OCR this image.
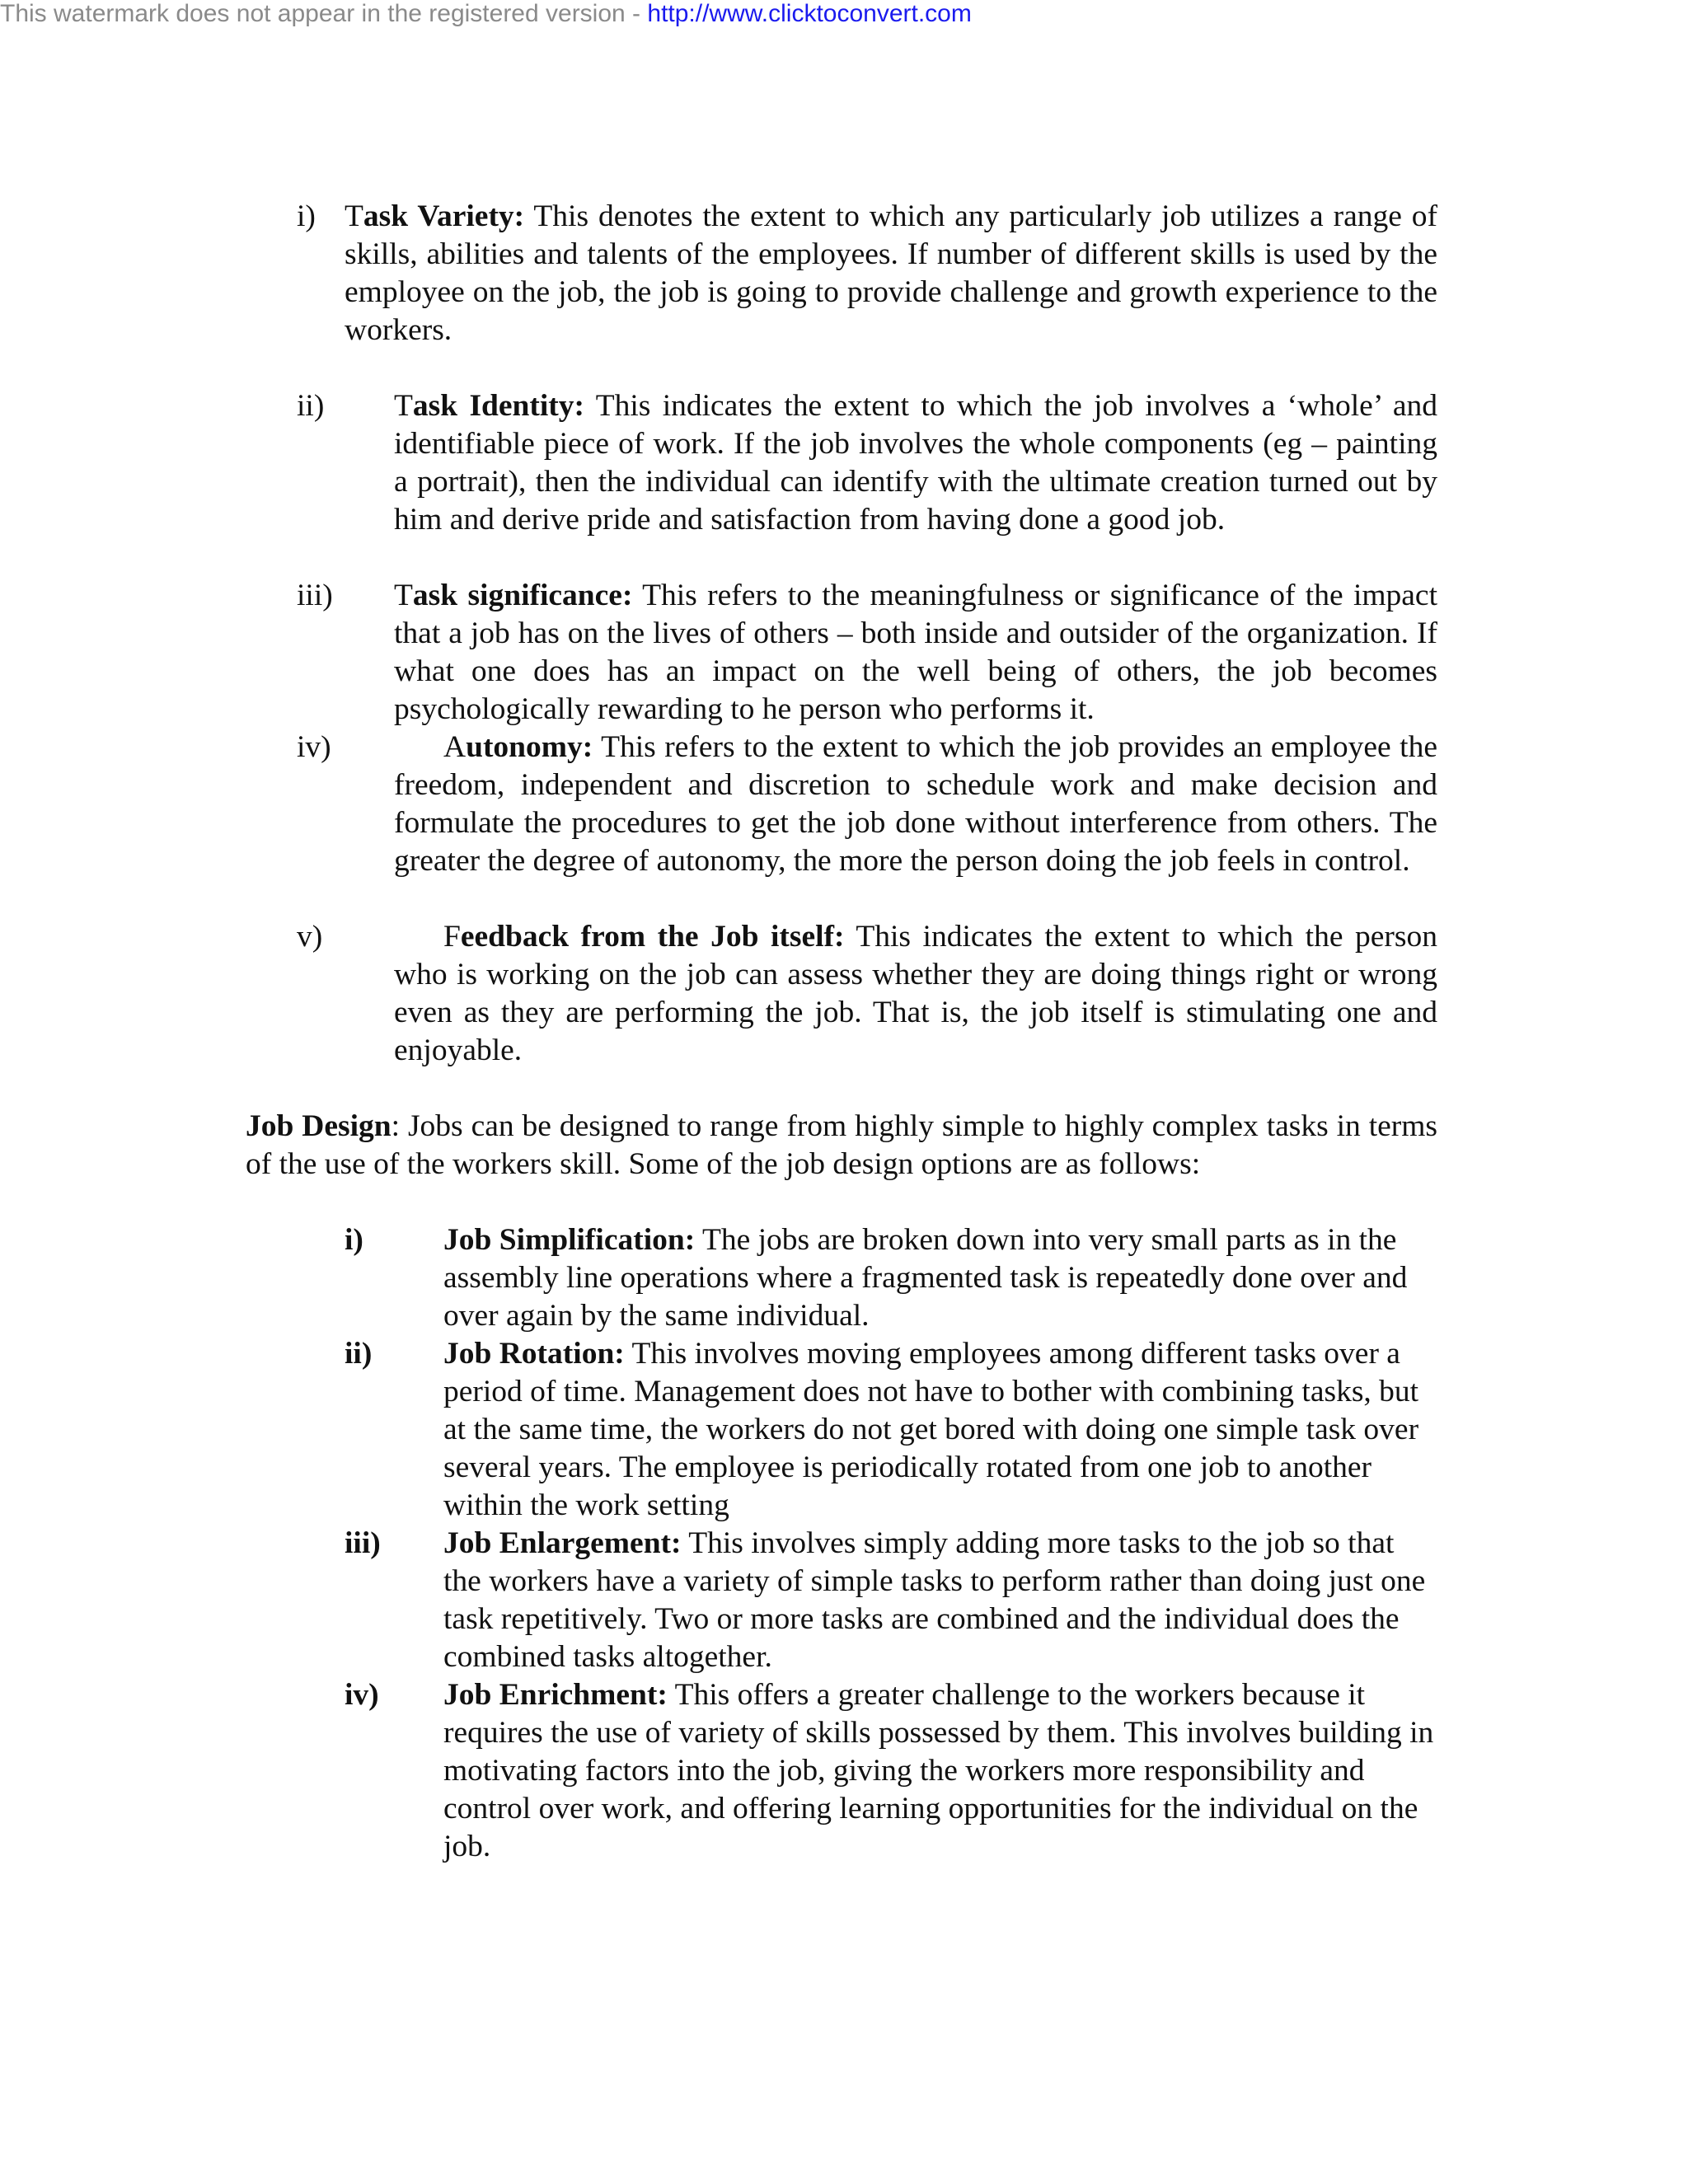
This watermark does not appear in the registered version - http://www.clicktoconvert.com
i) Task Variety: This denotes the extent to which any particularly job utilizes a range of skills, abilities and talents of the employees. If number of different skills is used by the employee on the job, the job is going to provide challenge and growth experience to the workers.
ii) Task Identity: This indicates the extent to which the job involves a ‘whole’ and identifiable piece of work. If the job involves the whole components (eg – painting a portrait), then the individual can identify with the ultimate creation turned out by him and derive pride and satisfaction from having done a good job.
iii) Task significance: This refers to the meaningfulness or significance of the impact that a job has on the lives of others – both inside and outsider of the organization. If what one does has an impact on the well being of others, the job becomes psychologically rewarding to he person who performs it.
iv)	Autonomy: This refers to the extent to which the job provides an employee the freedom, independent and discretion to schedule work and make decision and formulate the procedures to get the job done without interference from others. The greater the degree of autonomy, the more the person doing the job feels in control.
v)	Feedback from the Job itself: This indicates the extent to which the person who is working on the job can assess whether they are doing things right or wrong even as they are performing the job. That is, the job itself is stimulating one and enjoyable.
Job Design: Jobs can be designed to range from highly simple to highly complex tasks in terms of the use of the workers skill. Some of the job design options are as follows:
i)	Job Simplification: The jobs are broken down into very small parts as in the assembly line operations where a fragmented task is repeatedly done over and over again by the same individual.
ii) Job Rotation: This involves moving employees among different tasks over a period of time. Management does not have to bother with combining tasks, but at the same time, the workers do not get bored with doing one simple task over several years. The employee is periodically rotated from one job to another within the work setting
iii) Job Enlargement: This involves simply adding more tasks to the job so that the workers have a variety of simple tasks to perform rather than doing just one task repetitively. Two or more tasks are combined and the individual does the combined tasks altogether.
iv) Job Enrichment: This offers a greater challenge to the workers because it requires the use of variety of skills possessed by them. This involves building in motivating factors into the job, giving the workers more responsibility and control over work, and offering learning opportunities for the individual on the job.
